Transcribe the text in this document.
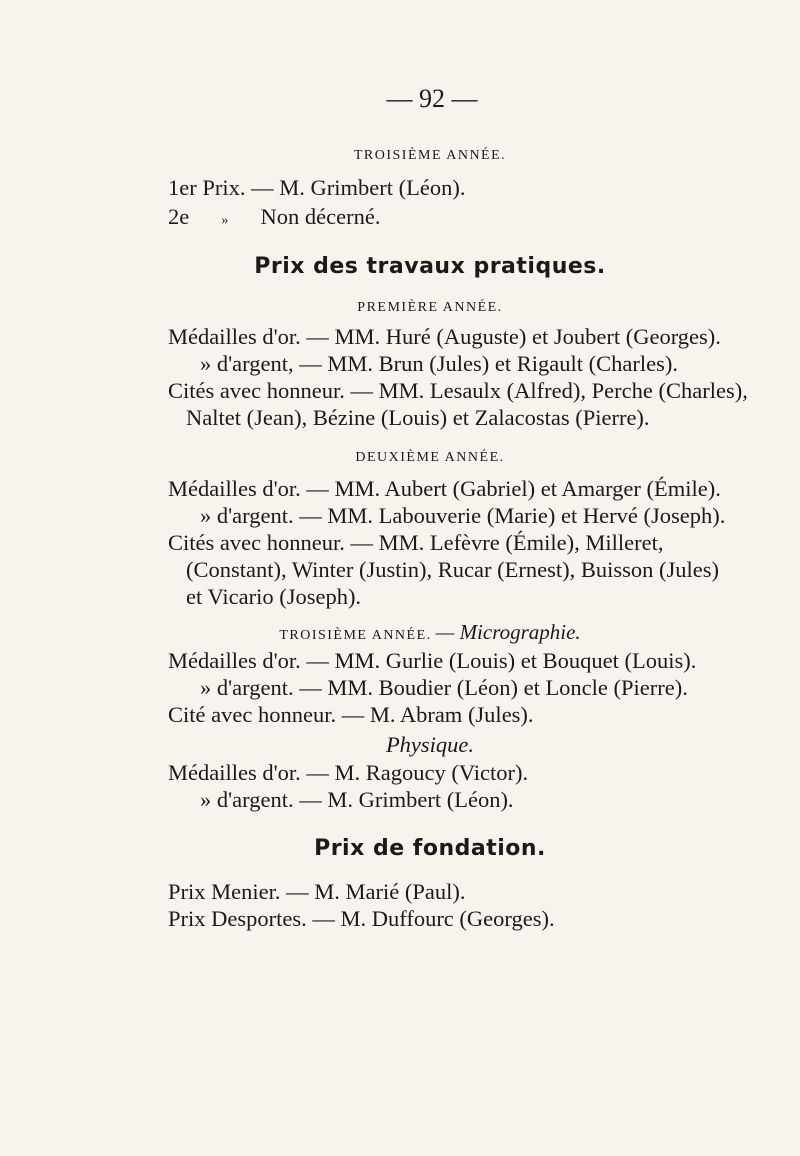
— 92 —
TROISIÈME ANNÉE.
1er Prix. — M. Grimbert (Léon).
2e » Non décerné.
Prix des travaux pratiques.
PREMIÈRE ANNÉE.
Médailles d'or. — MM. Huré (Auguste) et Joubert (Georges).
» d'argent, — MM. Brun (Jules) et Rigault (Charles).
Cités avec honneur. — MM. Lesaulx (Alfred), Perche (Charles),
Naltet (Jean), Bézine (Louis) et Zalacostas (Pierre).
DEUXIÈME ANNÉE.
Médailles d'or. — MM. Aubert (Gabriel) et Amarger (Émile).
» d'argent. — MM. Labouverie (Marie) et Hervé (Joseph).
Cités avec honneur. — MM. Lefèvre (Émile), Milleret,
(Constant), Winter (Justin), Rucar (Ernest), Buisson (Jules)
et Vicario (Joseph).
TROISIÈME ANNÉE. — Micrographie.
Médailles d'or. — MM. Gurlie (Louis) et Bouquet (Louis).
» d'argent. — MM. Boudier (Léon) et Loncle (Pierre).
Cité avec honneur. — M. Abram (Jules).
Physique.
Médailles d'or. — M. Ragoucy (Victor).
» d'argent. — M. Grimbert (Léon).
Prix de fondation.
Prix Menier. — M. Marié (Paul).
Prix Desportes. — M. Duffourc (Georges).
